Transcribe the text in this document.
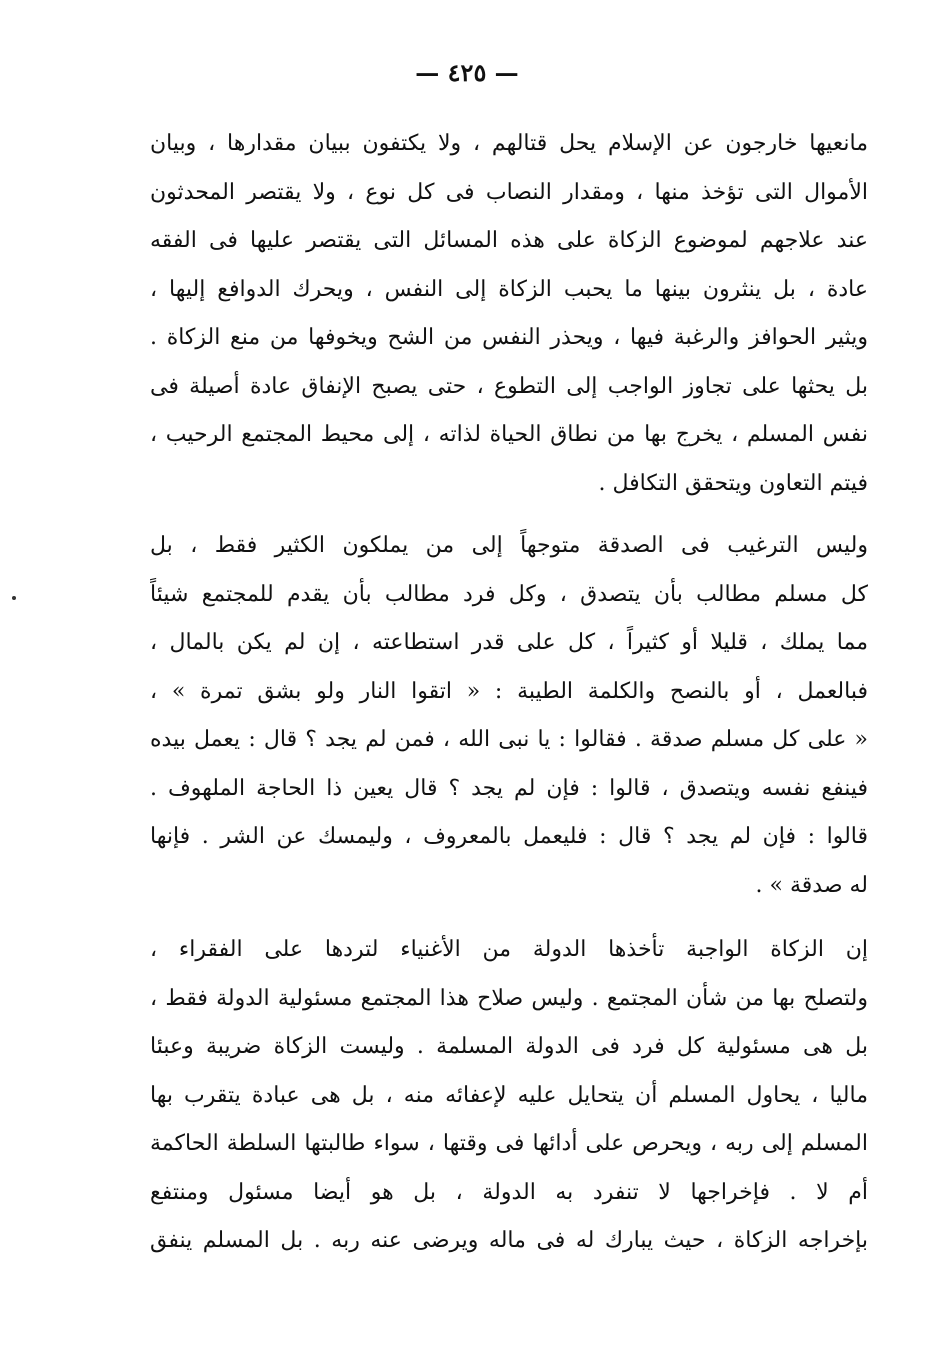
— ٤٢٥ —
مانعيها خارجون عن الإسلام يحل قتالهم ، ولا يكتفون ببيان مقدارها ، وبيان
الأموال التى تؤخذ منها ، ومقدار النصاب فى كل نوع ، ولا يقتصر المحدثون
عند علاجهم لموضوع الزكاة على هذه المسائل التى يقتصر عليها فى الفقه
عادة ، بل ينثرون بينها ما يحبب الزكاة إلى النفس ، ويحرك الدوافع إليها ،
ويثير الحوافز والرغبة فيها ، ويحذر النفس من الشح ويخوفها من منع الزكاة .
بل يحثها على تجاوز الواجب إلى التطوع ، حتى يصبح الإنفاق عادة أصيلة فى
نفس المسلم ، يخرج بها من نطاق الحياة لذاته ، إلى محيط المجتمع الرحيب ،
فيتم التعاون ويتحقق التكافل .
وليس الترغيب فى الصدقة متوجهاً إلى من يملكون الكثير فقط ، بل
كل مسلم مطالب بأن يتصدق ، وكل فرد مطالب بأن يقدم للمجتمع شيئاً
مما يملك ، قليلا أو كثيراً ، كل على قدر استطاعته ، إن لم يكن بالمال ،
فبالعمل ، أو بالنصح والكلمة الطيبة : « اتقوا النار ولو بشق تمرة » ،
« على كل مسلم صدقة . فقالوا : يا نبى الله ، فمن لم يجد ؟ قال : يعمل بيده
فينفع نفسه ويتصدق ، قالوا : فإن لم يجد ؟ قال يعين ذا الحاجة الملهوف .
قالوا : فإن لم يجد ؟ قال : فليعمل بالمعروف ، وليمسك عن الشر . فإنها
له صدقة » .
إن الزكاة الواجبة تأخذها الدولة من الأغنياء لتردها على الفقراء ،
ولتصلح بها من شأن المجتمع . وليس صلاح هذا المجتمع مسئولية الدولة فقط ،
بل هى مسئولية كل فرد فى الدولة المسلمة . وليست الزكاة ضريبة وعبئا
ماليا ، يحاول المسلم أن يتحايل عليه لإعفائه منه ، بل هى عبادة يتقرب بها
المسلم إلى ربه ، ويحرص على أدائها فى وقتها ، سواء طالبتها السلطة الحاكمة
أم لا . فإخراجها لا تنفرد به الدولة ، بل هو أيضا مسئول ومنتفع
بإخراجه الزكاة ، حيث يبارك له فى ماله ويرضى عنه ربه . بل المسلم ينفق
